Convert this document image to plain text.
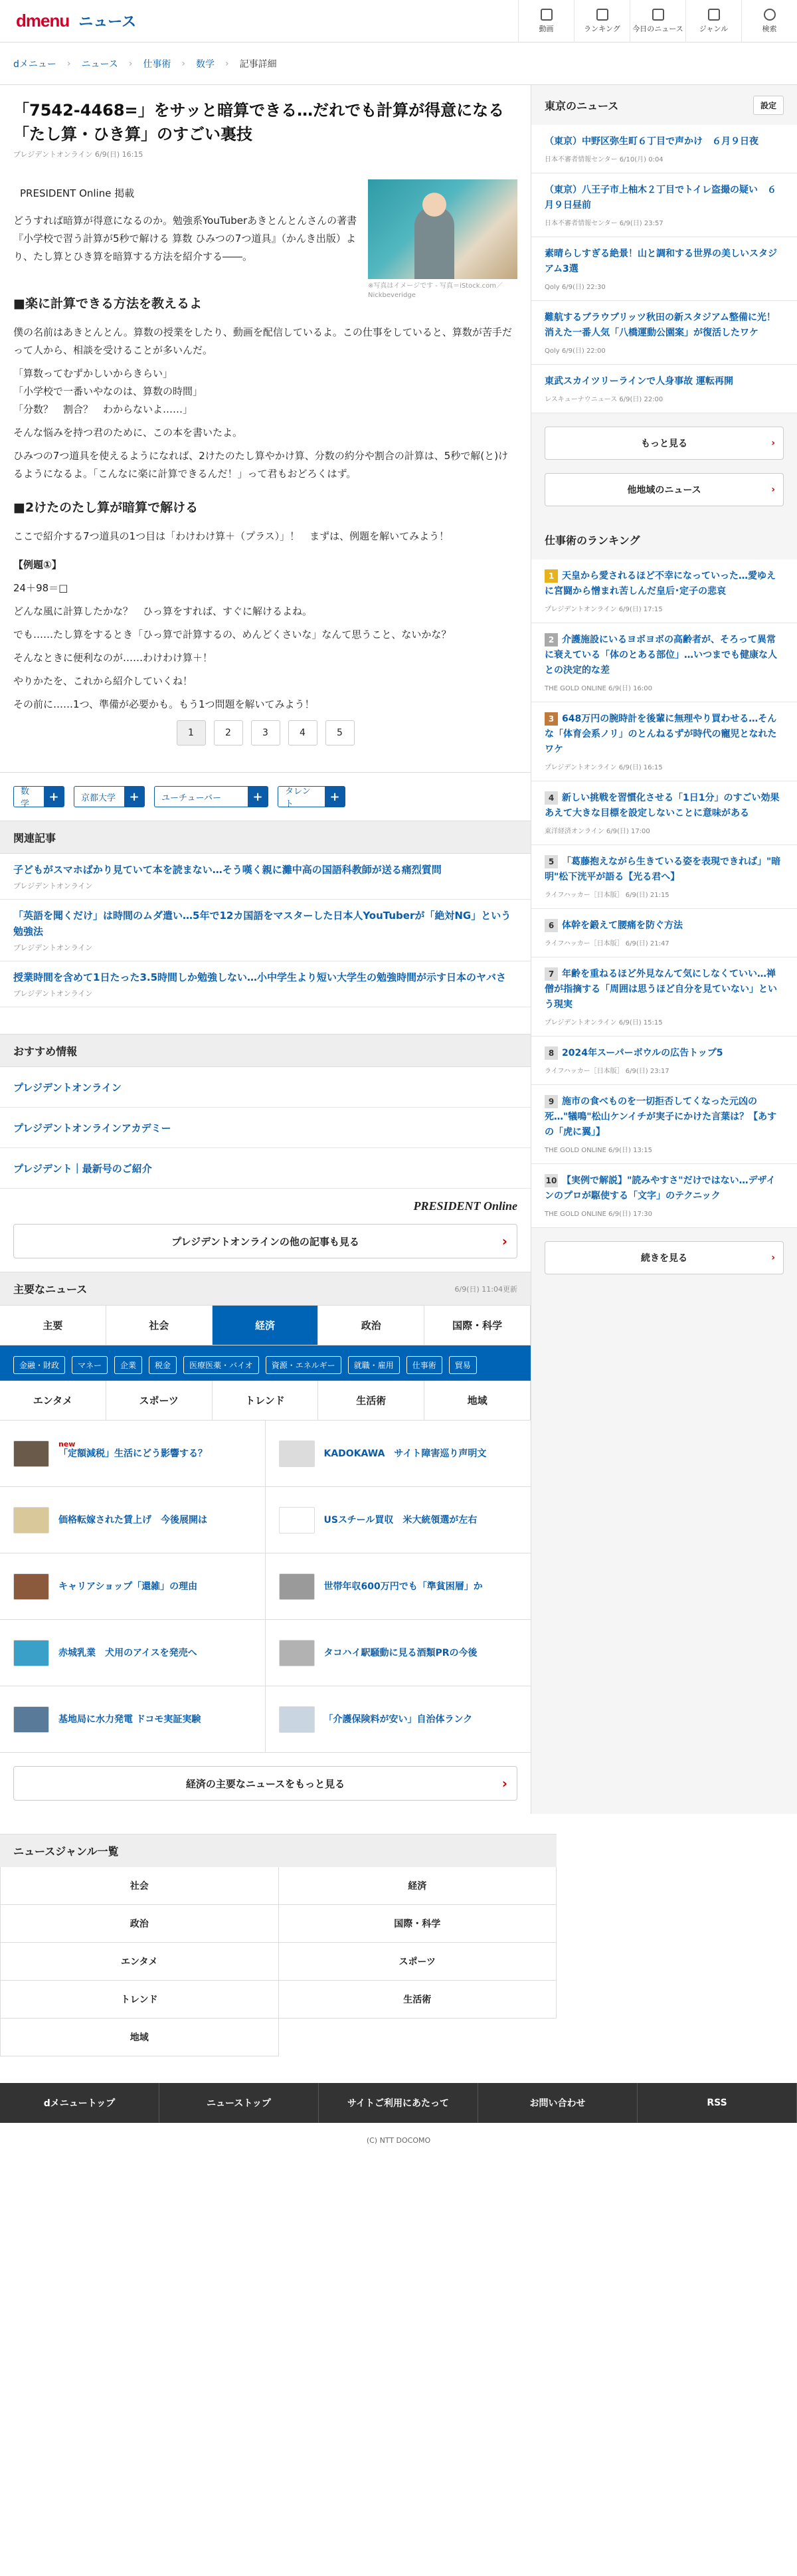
dmenu ニュース	動画	ランキング 今日のニュース ジャンル	検索
dメニュー › ニュース › 仕事術 › 数学 › 記事詳細
「7542-4468=」をサッと暗算できる…だれでも計算が得意になる「たし算・ひき算」のすごい裏技
プレジデントオンライン 6/9(日) 16:15
※写真はイメージです - 写真＝iStock.com／Nickbeveridge
PRESIDENT Online 掲載

どうすれば暗算が得意になるのか。勉強系YouTuberあきとんとんさんの著書『小学校で習う計算が5秒で解ける 算数 ひみつの7つ道具』（かんき出版）より、たし算とひき算を暗算する方法を紹介する――。

■楽に計算できる方法を教えるよ

僕の名前はあきとんとん。算数の授業をしたり、動画を配信しているよ。この仕事をしていると、算数が苦手だって人から、相談を受けることが多いんだ。

「算数ってむずかしいからきらい」
「小学校で一番いやなのは、算数の時間」
「分数？　割合？　わからないよ……」

そんな悩みを持つ君のために、この本を書いたよ。

ひみつの7つ道具を使えるようになれば、2けたのたし算やかけ算、分数の約分や割合の計算は、5秒で解(と)けるようになるよ。「こんなに楽に計算できるんだ！」って君もおどろくはず。

■2けたのたし算が暗算で解ける

ここで紹介する7つ道具の1つ目は「わけわけ算＋（プラス）」！　まずは、例題を解いてみよう！

【例題①】

24＋98＝□

どんな風に計算したかな？　ひっ算をすれば、すぐに解けるよね。

でも……たし算をするとき「ひっ算で計算するの、めんどくさいな」なんて思うこと、ないかな？

そんなときに便利なのが……わけわけ算＋！

やりかたを、これから紹介していくね！

その前に……1つ、準備が必要かも。もう1つ問題を解いてみよう！

1	2	3	4	5
数学
+	京都大学	+	ユーチューバー	+	タレント
+
関連記事
子どもがスマホばかり見ていて本を読まない…そう嘆く親に灘中高の国語科教師が送る痛烈質問
プレジデントオンライン
「英語を聞くだけ」は時間のムダ遣い…5年で12カ国語をマスターした日本人YouTuberが「絶対NG」という勉強法
プレジデントオンライン
授業時間を含めて1日たった3.5時間しか勉強しない…小中学生より短い大学生の勉強時間が示す日本のヤバさ
プレジデントオンライン
おすすめ情報
プレジデントオンライン
プレジデントオンラインアカデミー
プレジデント｜最新号のご紹介
PRESIDENT Online
プレジデントオンラインの他の記事も見る	›
主要なニュース	6/9(日) 11:04更新
主要	社会	経済	政治	国際・科学
金融・財政	マネー	企業	税金	医療医薬・バイオ	資源・エネルギー	就職・雇用	仕事術	貿易
エンタメ	スポーツ	トレンド	生活術	地域
new
「定額減税」生活にどう影響する？	KADOKAWA　サイト障害巡り声明文
価格転嫁された賃上げ　今後展開は	USスチール買収　米大統領選が左右
キャリアショップ「還雑」の理由	世帯年収600万円でも「準貧困層」か
赤城乳業　犬用のアイスを発売へ	タコハイ駅騒動に見る酒類PRの今後
基地局に水力発電 ドコモ実証実験	「介護保険料が安い」自治体ランク
経済の主要なニュースをもっと見る	›
東京のニュース	設定
（東京）中野区弥生町６丁目で声かけ　６月９日夜
日本不審者情報センター 6/10(月) 0:04
（東京）八王子市上柚木２丁目でトイレ盗撮の疑い　６月９日昼前
日本不審者情報センター 6/9(日) 23:57
素晴らしすぎる絶景！山と調和する世界の美しいスタジアム3選
Qoly 6/9(日) 22:30
難航するブラウブリッツ秋田の新スタジアム整備に光！消えた一番人気「八橋運動公園案」が復活したワケ
Qoly 6/9(日) 22:00
東武スカイツリーラインで人身事故 運転再開
レスキューナウニュース 6/9(日) 22:00
もっと見る	›
他地域のニュース	›
仕事術のランキング
1 天皇から愛されるほど不幸になっていった…愛ゆえに宮闘から憎まれ苦しんだ皇后･定子の悲哀
プレジデントオンライン 6/9(日) 17:15
2 介護施設にいるヨボヨボの高齢者が、そろって異常に衰えている「体のとある部位」…いつまでも健康な人との決定的な差
THE GOLD ONLINE 6/9(日) 16:00
3 648万円の腕時計を後輩に無理やり買わせる…そんな「体育会系ノリ」のとんねるずが時代の寵児となれたワケ
プレジデントオンライン 6/9(日) 16:15
4 新しい挑戦を習慣化させる「1日1分」のすごい効果 あえて大きな目標を設定しないことに意味がある
東洋経済オンライン 6/9(日) 17:00
5 「葛藤抱えながら生きている姿を表現できれば」"暗明"松下洸平が語る【光る君へ】
ライフハッカー［日本版］ 6/9(日) 21:15
6 体幹を鍛えて腰痛を防ぐ方法
ライフハッカー［日本版］ 6/9(日) 21:47
7 年齢を重ねるほど外見なんて気にしなくていい…禅僧が指摘する「周囲は思うほど自分を見ていない」という現実
プレジデントオンライン 6/9(日) 15:15
8 2024年スーパーボウルの広告トップ5
ライフハッカー［日本版］ 6/9(日) 23:17
9 施市の食べものを一切拒否してくなった元凶の死…"犠鳴"松山ケンイチが実子にかけた言葉は？【あすの「虎に翼」】
THE GOLD ONLINE 6/9(日) 13:15
10 【実例で解説】"読みやすさ"だけではない…デザインのプロが駆使する「文字」のテクニック
THE GOLD ONLINE 6/9(日) 17:30
続きを見る	›
ニュースジャンル一覧
社会	経済
政治	国際・科学
エンタメ	スポーツ
トレンド	生活術
地域
dメニュートップ	ニューストップ	サイトご利用にあたって	お問い合わせ	RSS
(C) NTT DOCOMO
